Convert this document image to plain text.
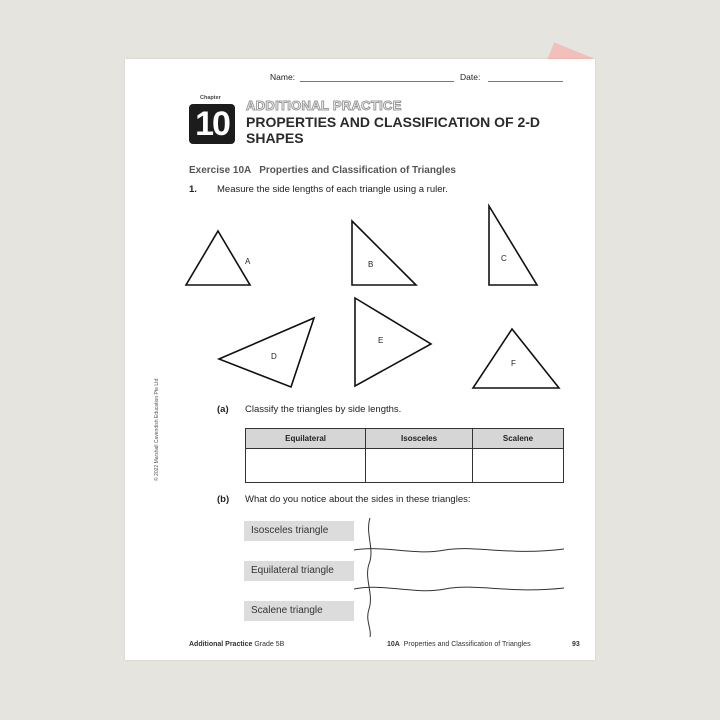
Name:	Date:
Chapter
10	ADDITIONAL PRACTICE
PROPERTIES AND CLASSIFICATION OF 2-D SHAPES
Exercise 10A   Properties and Classification of Triangles
1. Measure the side lengths of each triangle using a ruler.
A	B
C
D
E
F
(a) Classify the triangles by side lengths.
Equilateral	Isosceles	Scalene

(b) What do you notice about the sides in these triangles:
Isosceles triangle
Equilateral triangle
Scalene triangle
© 2022 Marshall Cavendish Education Pte Ltd
Additional Practice Grade 5B	10A Properties and Classification of Triangles	93
